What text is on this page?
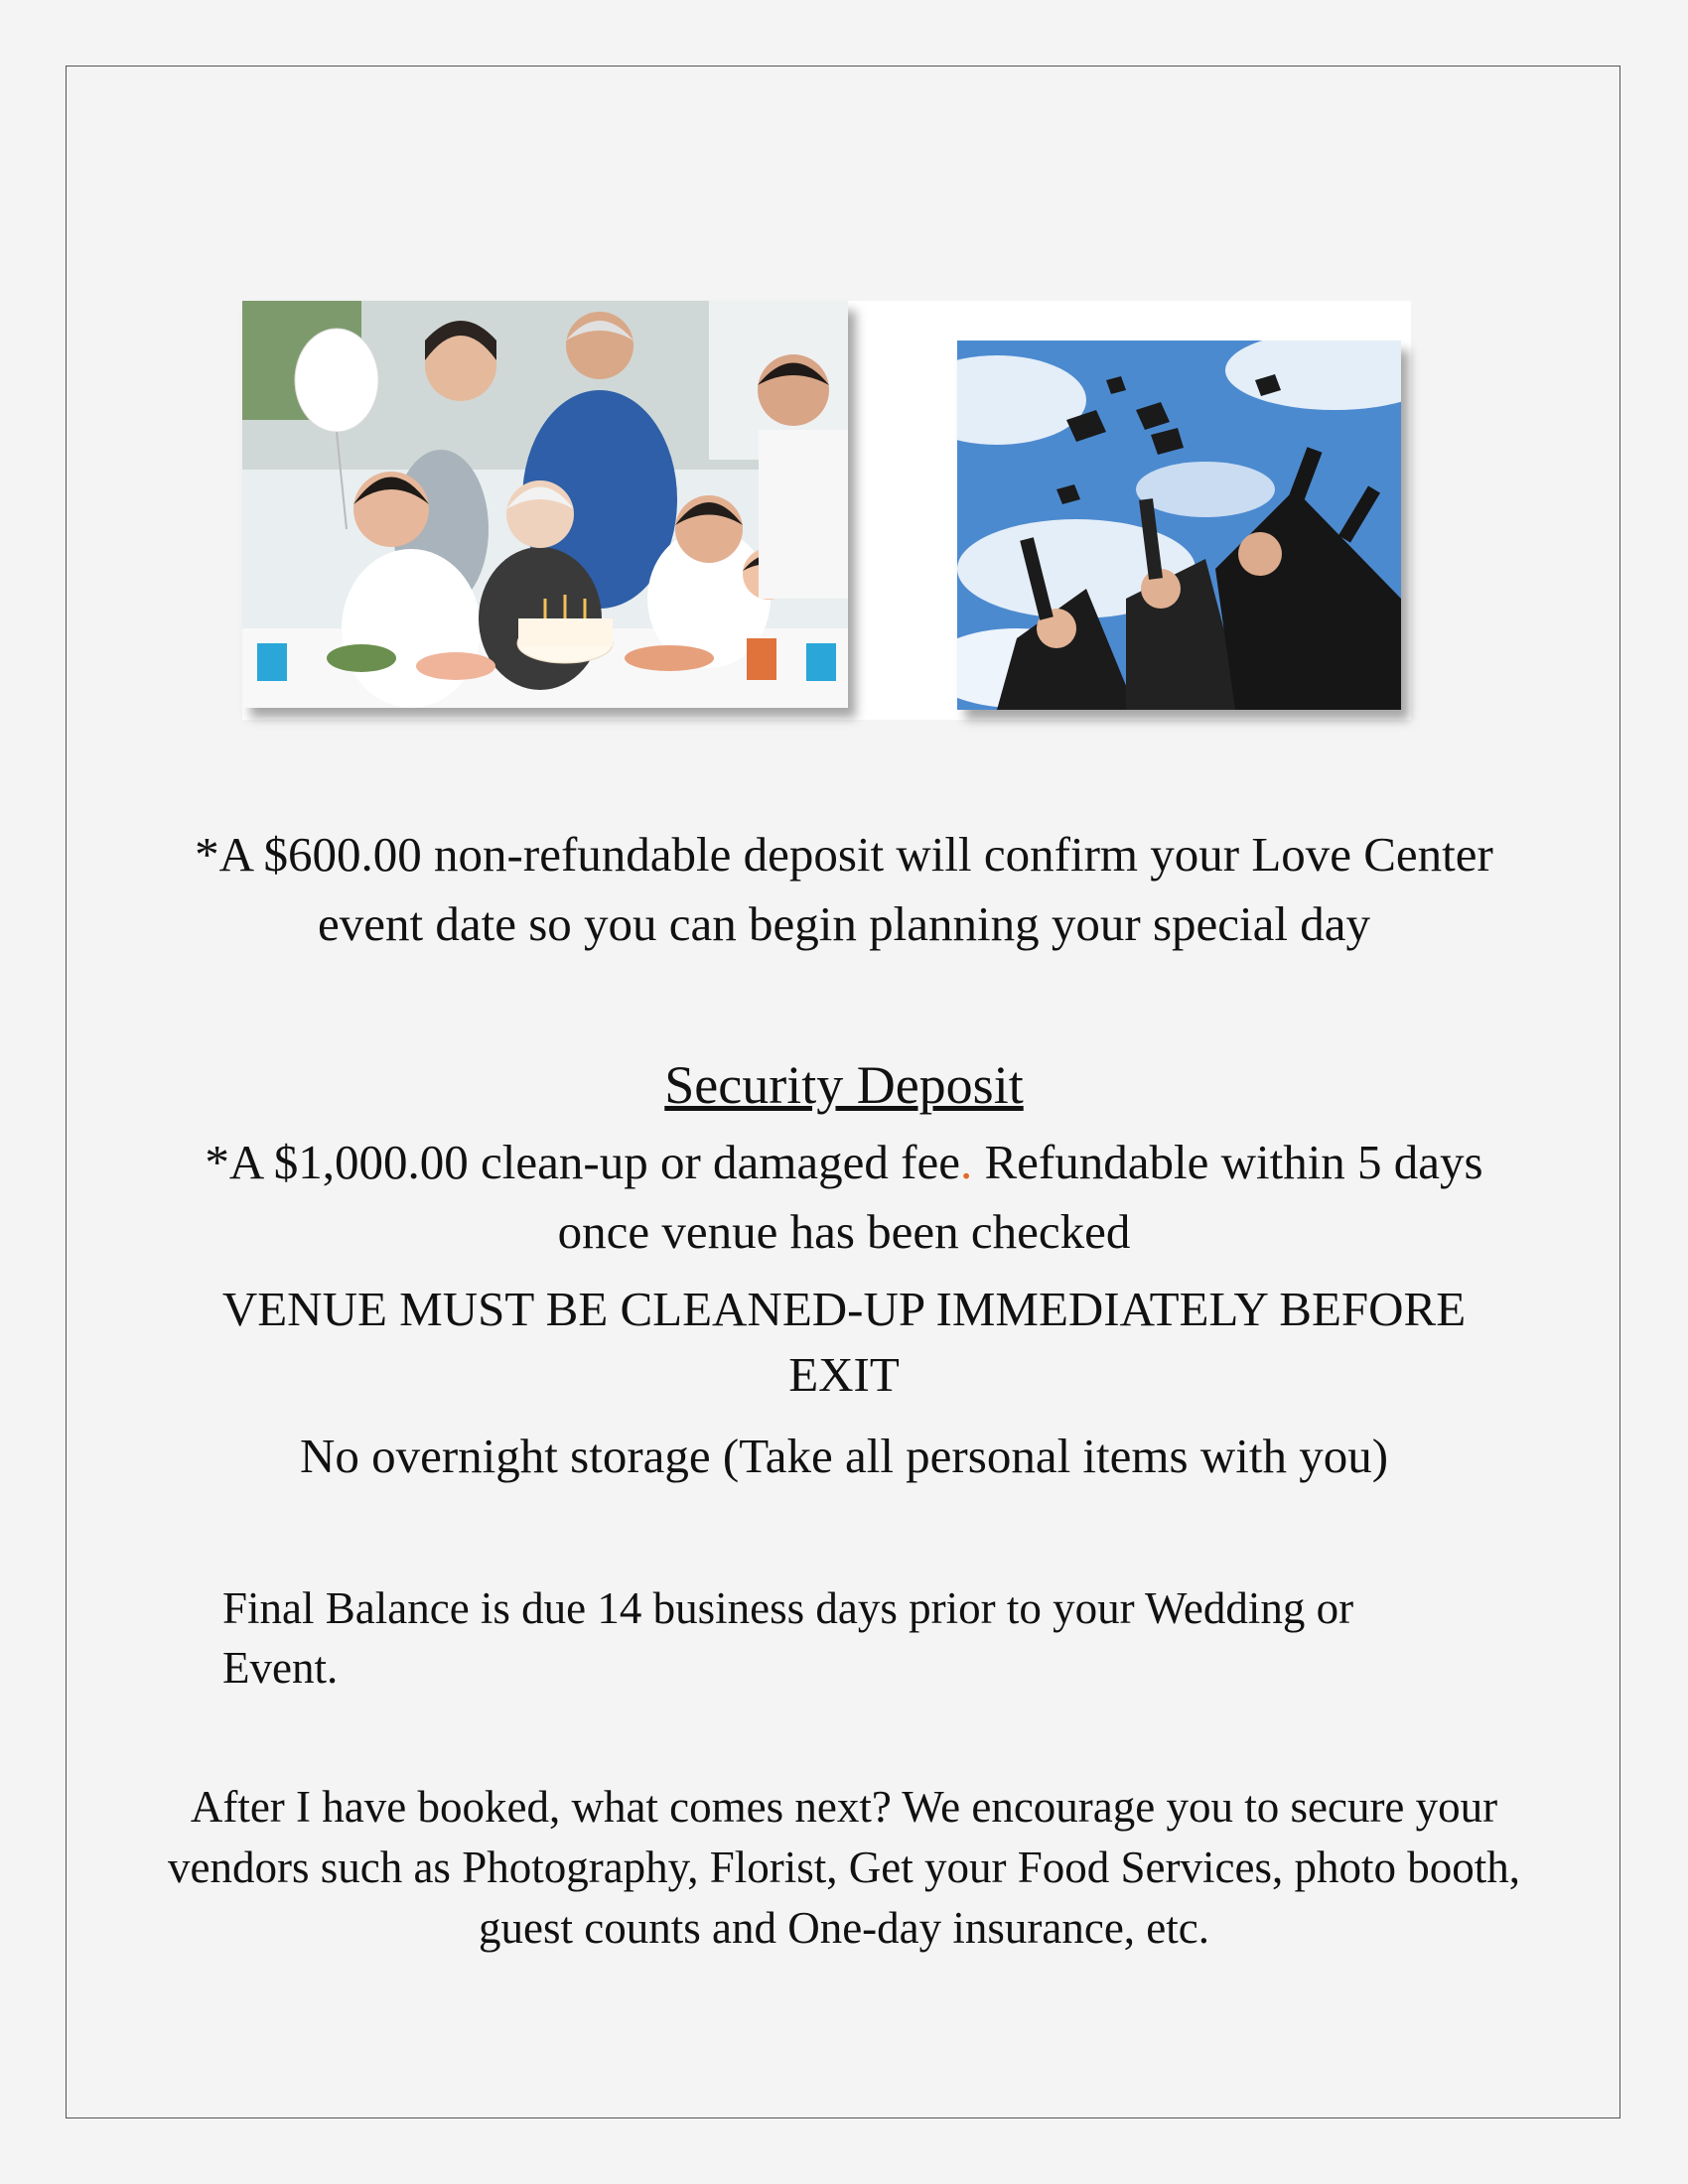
*A $600.00 non-refundable deposit will confirm your Love Center event date so you can begin planning your special day
Security Deposit
*A $1,000.00 clean-up or damaged fee. Refundable within 5 days once venue has been checked
VENUE MUST BE CLEANED-UP IMMEDIATELY BEFORE EXIT
No overnight storage (Take all personal items with you)
Final Balance is due 14 business days prior to your Wedding or Event.
After I have booked, what comes next? We encourage you to secure your vendors such as Photography, Florist, Get your Food Services, photo booth, guest counts and One-day insurance, etc.
